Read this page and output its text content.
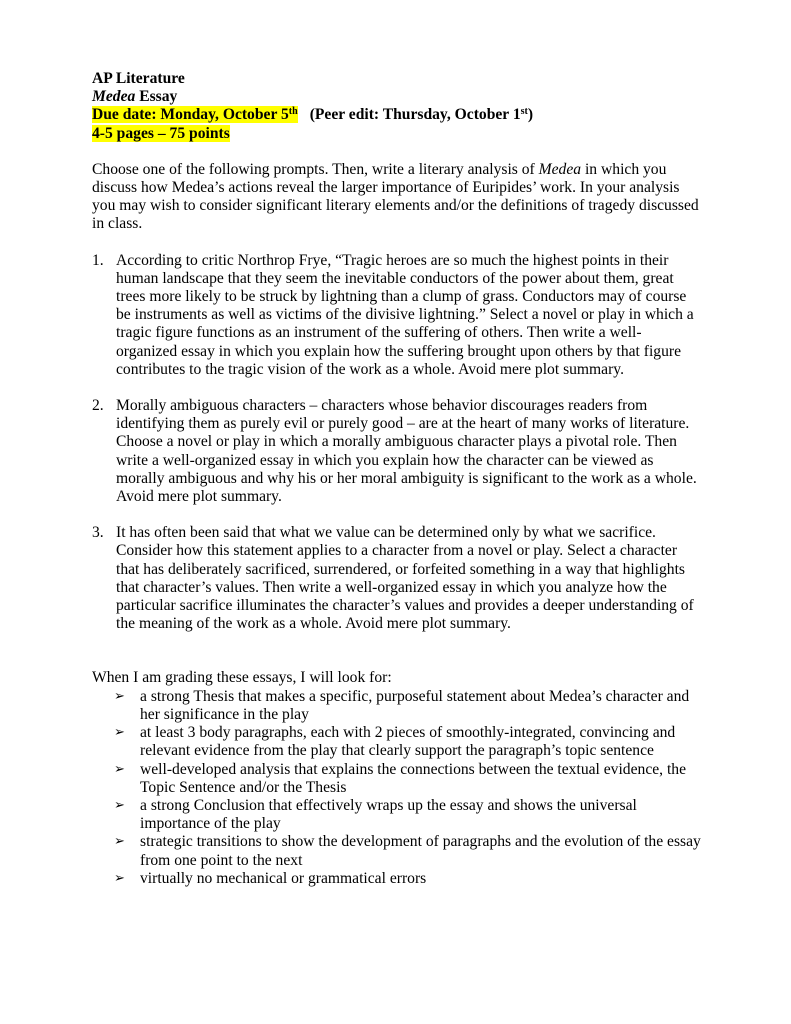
AP Literature
Medea Essay
Due date: Monday, October 5th (Peer edit: Thursday, October 1st)
4-5 pages – 75 points
Choose one of the following prompts. Then, write a literary analysis of Medea in which you discuss how Medea’s actions reveal the larger importance of Euripides’ work. In your analysis you may wish to consider significant literary elements and/or the definitions of tragedy discussed in class.
1. According to critic Northrop Frye, “Tragic heroes are so much the highest points in their human landscape that they seem the inevitable conductors of the power about them, great trees more likely to be struck by lightning than a clump of grass. Conductors may of course be instruments as well as victims of the divisive lightning.” Select a novel or play in which a tragic figure functions as an instrument of the suffering of others. Then write a well-organized essay in which you explain how the suffering brought upon others by that figure contributes to the tragic vision of the work as a whole. Avoid mere plot summary.
2. Morally ambiguous characters – characters whose behavior discourages readers from identifying them as purely evil or purely good – are at the heart of many works of literature. Choose a novel or play in which a morally ambiguous character plays a pivotal role. Then write a well-organized essay in which you explain how the character can be viewed as morally ambiguous and why his or her moral ambiguity is significant to the work as a whole. Avoid mere plot summary.
3. It has often been said that what we value can be determined only by what we sacrifice. Consider how this statement applies to a character from a novel or play. Select a character that has deliberately sacrificed, surrendered, or forfeited something in a way that highlights that character’s values. Then write a well-organized essay in which you analyze how the particular sacrifice illuminates the character’s values and provides a deeper understanding of the meaning of the work as a whole. Avoid mere plot summary.
When I am grading these essays, I will look for:
➢ a strong Thesis that makes a specific, purposeful statement about Medea’s character and her significance in the play
➢ at least 3 body paragraphs, each with 2 pieces of smoothly-integrated, convincing and relevant evidence from the play that clearly support the paragraph’s topic sentence
➢ well-developed analysis that explains the connections between the textual evidence, the Topic Sentence and/or the Thesis
➢ a strong Conclusion that effectively wraps up the essay and shows the universal importance of the play
➢ strategic transitions to show the development of paragraphs and the evolution of the essay from one point to the next
➢ virtually no mechanical or grammatical errors
